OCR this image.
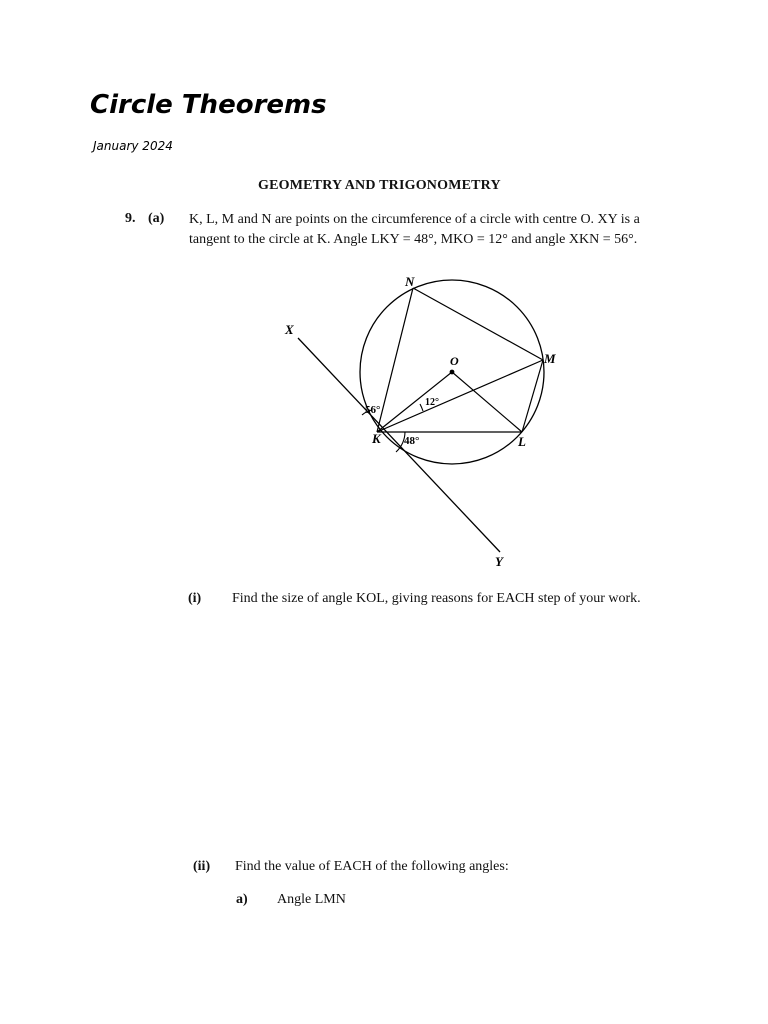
Circle Theorems
January 2024
GEOMETRY AND TRIGONOMETRY
9. (a) K, L, M and N are points on the circumference of a circle with centre O. XY is a
tangent to the circle at K. Angle LKY = 48°, MKO = 12° and angle XKN = 56°.
N
M
O
K	L
X
Y
56°
12°
48°
(i) Find the size of angle KOL, giving reasons for EACH step of your work.
(ii) Find the value of EACH of the following angles:
a) Angle LMN
